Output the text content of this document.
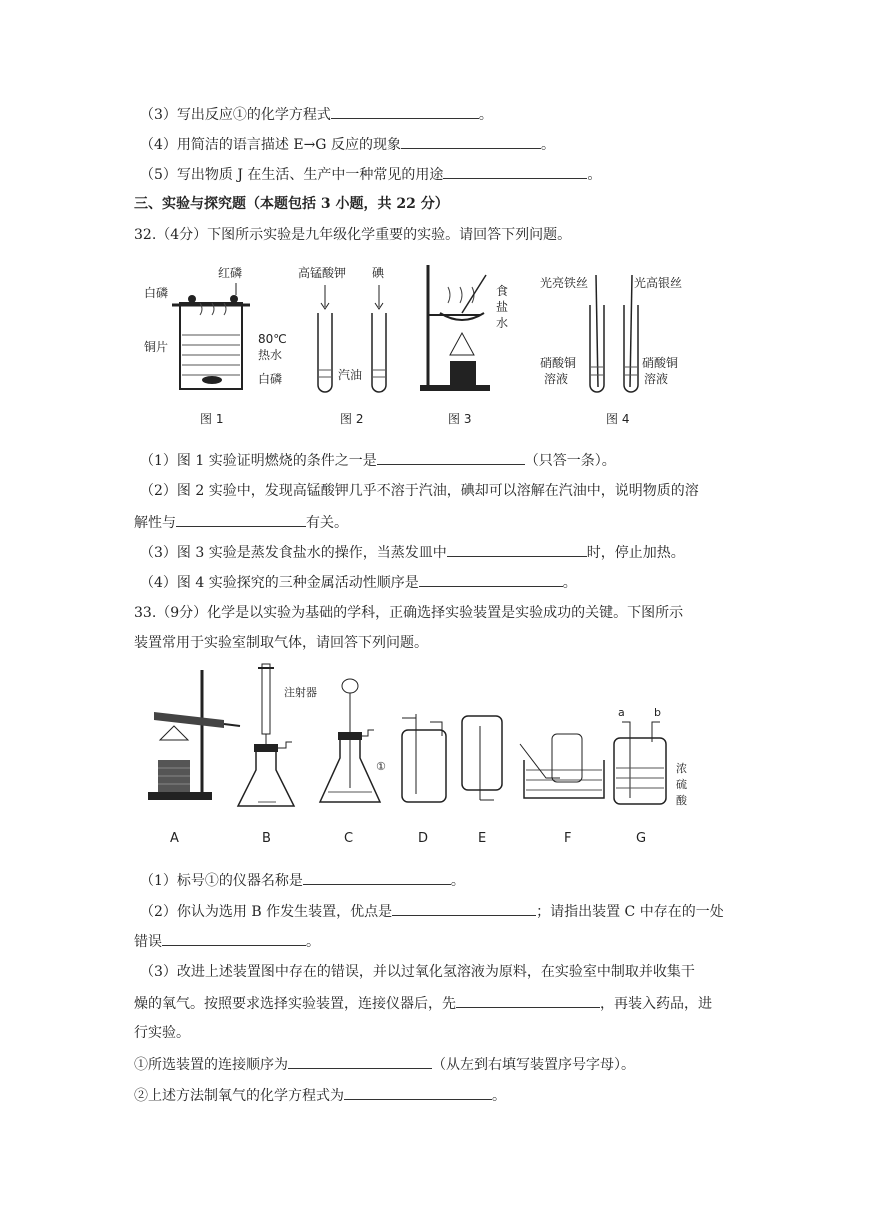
（3）写出反应①的化学方程式	。
（4）用简洁的语言描述 E→G 反应的现象	。
（5）写出物质 J 在生活、生产中一种常见的用途	。
三、实验与探究题（本题包括 3 小题，共 22 分）
32.（4分）下图所示实验是九年级化学重要的实验。请回答下列问题。
红磷
白磷
铜片
80℃
热水
白磷
图 1
高锰酸钾 碘
汽油
图 2
食
盐
水
图 3
光亮铁丝	光高银丝
硝酸铜
溶液
硝酸铜
溶液
图 4
（1）图 1 实验证明燃烧的条件之一是	（只答一条）。
（2）图 2 实验中，发现高锰酸钾几乎不溶于汽油，碘却可以溶解在汽油中，说明物质的溶
解性与	有关。
（3）图 3 实验是蒸发食盐水的操作，当蒸发皿中	时，停止加热。
（4）图 4 实验探究的三种金属活动性顺序是	。
33.（9分）化学是以实验为基础的学科，正确选择实验装置是实验成功的关键。下图所示
装置常用于实验室制取气体，请回答下列问题。
A
注射器
B
①
C	D	E	F
a	b
浓
硫
酸
G
（1）标号①的仪器名称是	。
（2）你认为选用 B 作发生装置，优点是	；请指出装置 C 中存在的一处
错误	。
（3）改进上述装置图中存在的错误，并以过氧化氢溶液为原料，在实验室中制取并收集干
燥的氧气。按照要求选择实验装置，连接仪器后，先	，再装入药品，进
行实验。
①所选装置的连接顺序为	（从左到右填写装置序号字母）。
②上述方法制氧气的化学方程式为	。
